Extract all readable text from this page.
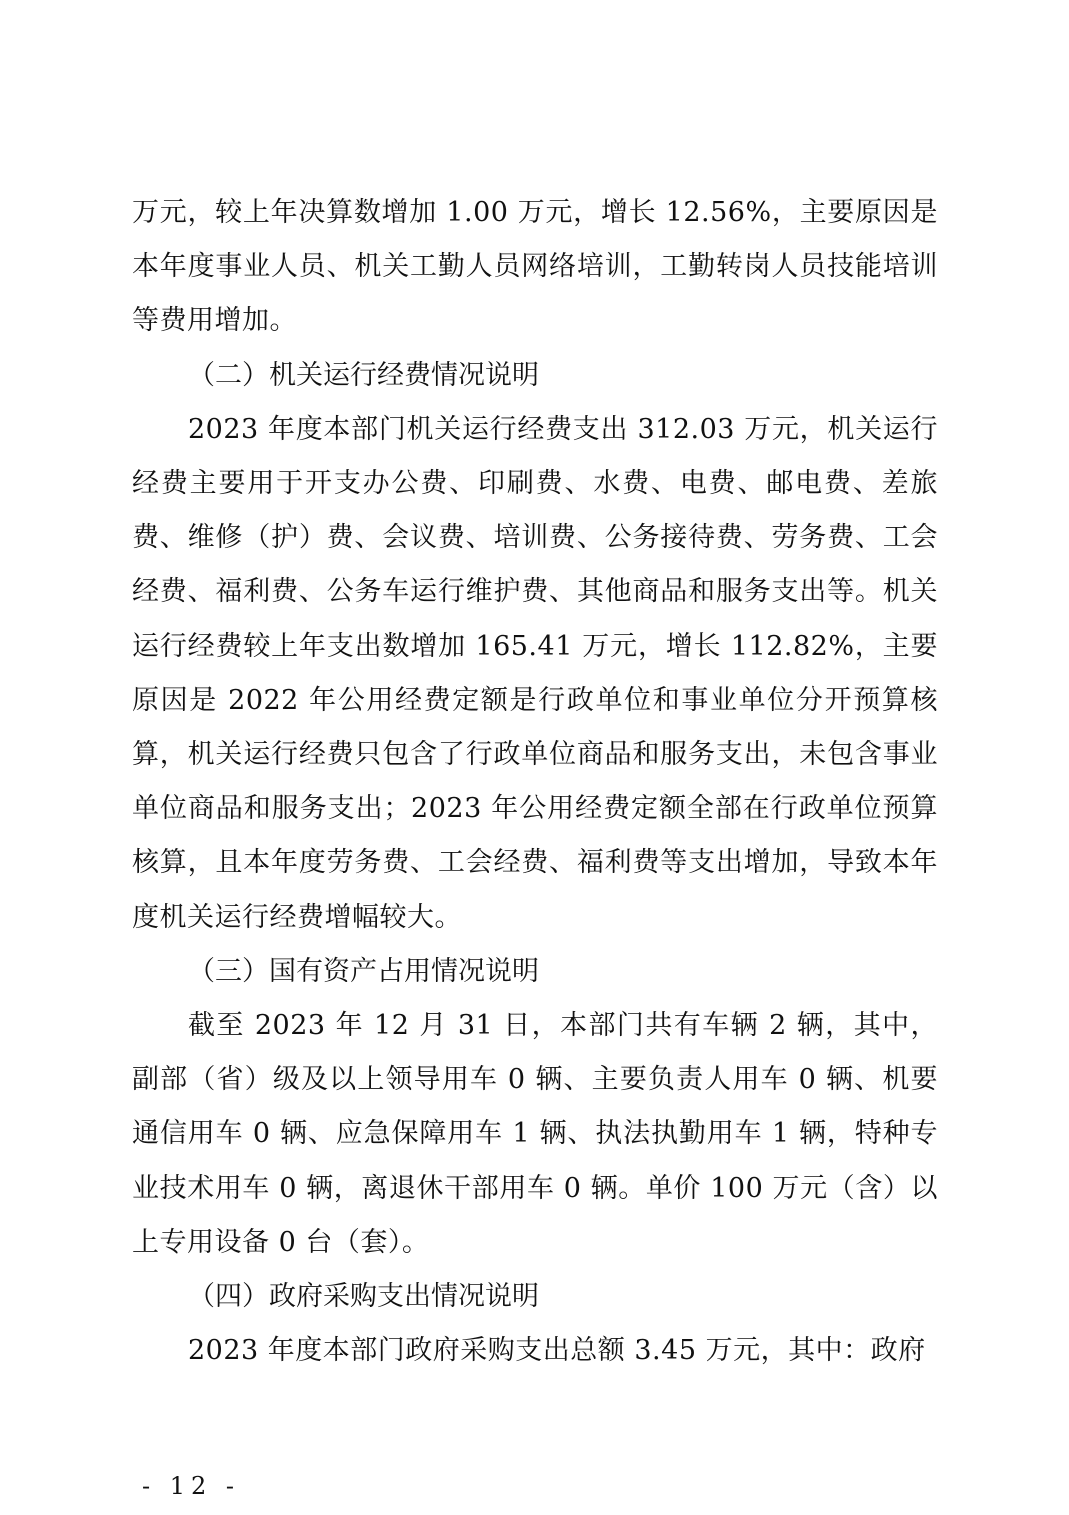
万元，较上年决算数增加 1.00 万元，增长 12.56%，主要原因是本年度事业人员、机关工勤人员网络培训，工勤转岗人员技能培训等费用增加。

（二）机关运行经费情况说明

2023 年度本部门机关运行经费支出 312.03 万元，机关运行经费主要用于开支办公费、印刷费、水费、电费、邮电费、差旅费、维修（护）费、会议费、培训费、公务接待费、劳务费、工会经费、福利费、公务车运行维护费、其他商品和服务支出等。机关运行经费较上年支出数增加 165.41 万元，增长 112.82%，主要原因是 2022 年公用经费定额是行政单位和事业单位分开预算核算，机关运行经费只包含了行政单位商品和服务支出，未包含事业单位商品和服务支出；2023 年公用经费定额全部在行政单位预算核算，且本年度劳务费、工会经费、福利费等支出增加，导致本年度机关运行经费增幅较大。

（三）国有资产占用情况说明

截至 2023 年 12 月 31 日，本部门共有车辆 2 辆，其中，副部（省）级及以上领导用车 0 辆、主要负责人用车 0 辆、机要通信用车 0 辆、应急保障用车 1 辆、执法执勤用车 1 辆，特种专业技术用车 0 辆，离退休干部用车 0 辆。单价 100 万元（含）以上专用设备 0 台（套）。

（四）政府采购支出情况说明

2023 年度本部门政府采购支出总额 3.45 万元，其中：政府

- 12 -
